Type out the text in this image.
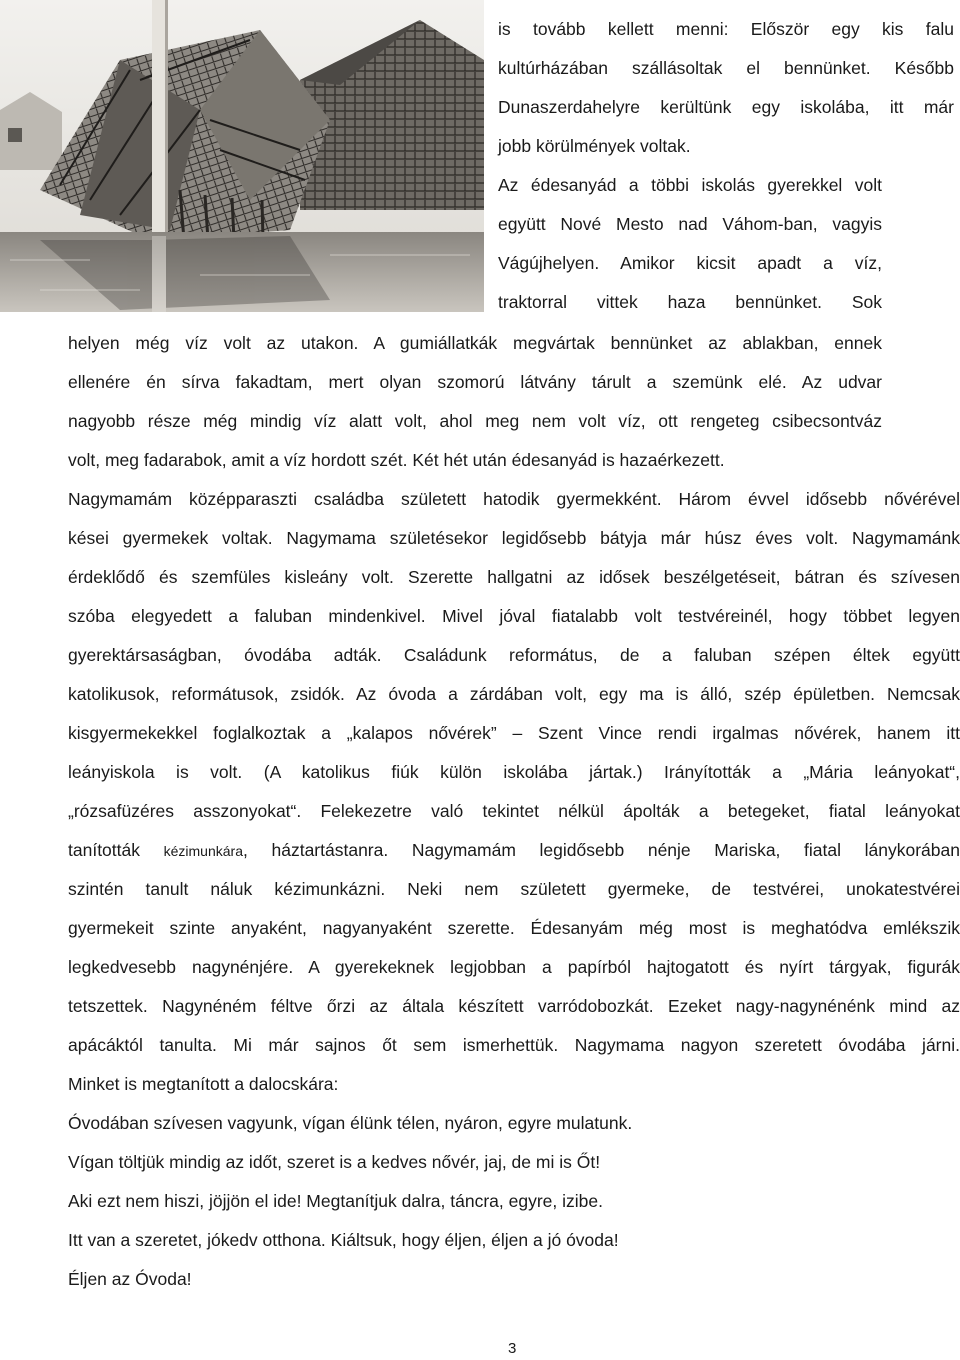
is tovább kellett menni: Először egy kis falu
kultúrházában szállásoltak el bennünket. Később
Dunaszerdahelyre kerültünk egy iskolába, itt már
jobb körülmények voltak.
Az édesanyád a többi iskolás gyerekkel volt
együtt Nové Mesto nad Váhom-ban, vagyis
Vágújhelyen. Amikor kicsit apadt a víz,
traktorral vittek haza bennünket. Sok
helyen még víz volt az utakon. A gumiállatkák megvártak bennünket az ablakban, ennek
ellenére én sírva fakadtam, mert olyan szomorú látvány tárult a szemünk elé. Az udvar
nagyobb része még mindig víz alatt volt, ahol meg nem volt víz, ott rengeteg csibecsontváz
volt, meg fadarabok, amit a víz hordott szét. Két hét után édesanyád is hazaérkezett.
Nagymamám középparaszti családba született hatodik gyermekként. Három évvel idősebb nővérével
kései gyermekek voltak. Nagymama születésekor legidősebb bátyja már húsz éves volt. Nagymamánk
érdeklődő és szemfüles kisleány volt. Szerette hallgatni az idősek beszélgetéseit, bátran és szívesen
szóba elegyedett a faluban mindenkivel. Mivel jóval fiatalabb volt testvéreinél, hogy többet legyen
gyerektársaságban, óvodába adták. Családunk református, de a faluban szépen éltek együtt
katolikusok, reformátusok, zsidók. Az óvoda a zárdában volt, egy ma is álló, szép épületben. Nemcsak
kisgyermekekkel foglalkoztak a „kalapos nővérek” – Szent Vince rendi irgalmas nővérek, hanem itt
leányiskola is volt. (A katolikus fiúk külön iskolába jártak.) Irányították a „Mária leányokat“,
„rózsafüzéres asszonyokat“. Felekezetre való tekintet nélkül ápolták a betegeket, fiatal leányokat
tanították kézimunkára, háztartástanra. Nagymamám legidősebb nénje Mariska, fiatal lánykorában
szintén tanult náluk kézimunkázni. Neki nem született gyermeke, de testvérei, unokatestvérei
gyermekeit szinte anyaként, nagyanyaként szerette. Édesanyám még most is meghatódva emlékszik
legkedvesebb nagynénjére. A gyerekeknek legjobban a papírból hajtogatott és nyírt tárgyak, figurák
tetszettek. Nagynéném féltve őrzi az általa készített varródobozkát. Ezeket nagy-nagynénénk mind az
apácáktól tanulta. Mi már sajnos őt sem ismerhettük. Nagymama nagyon szeretett óvodába járni.
Minket is megtanított a dalocskára:
Óvodában szívesen vagyunk, vígan élünk télen, nyáron, egyre mulatunk.
Vígan töltjük mindig az időt, szeret is a kedves nővér, jaj, de mi is Őt!
Aki ezt nem hiszi, jöjjön el ide! Megtanítjuk dalra, táncra, egyre, izibe.
Itt van a szeretet, jókedv otthona. Kiáltsuk, hogy éljen, éljen a jó óvoda!
Éljen az Óvoda!
3
